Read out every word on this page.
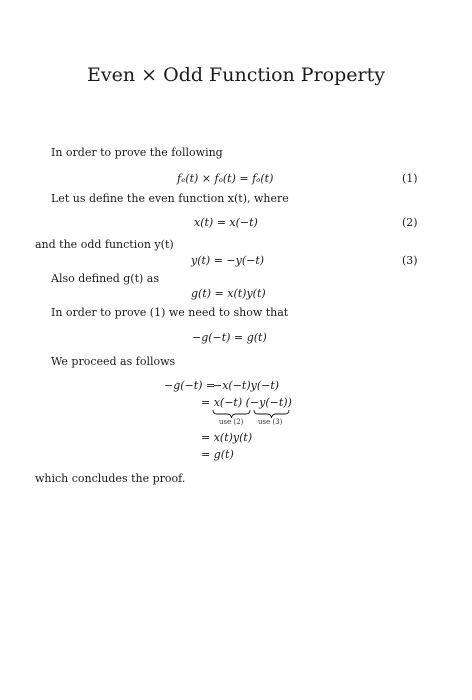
Even × Odd Function Property
In order to prove the following
fₑ(t) × fₒ(t) = fₒ(t)	(1)
Let us define the even function x(t), where
x(t) = x(−t)	(2)
and the odd function y(t)
y(t) = −y(−t)	(3)
Also defined g(t) as
g(t) = x(t)y(t)
In order to prove (1) we need to show that
−g(−t) = g(t)
We proceed as follows
−g(−t) =
−x(−t)y(−t)
= x(−t) (−y(−t))
use (2) use (3)
= x(t)y(t)
= g(t)
which concludes the proof.
